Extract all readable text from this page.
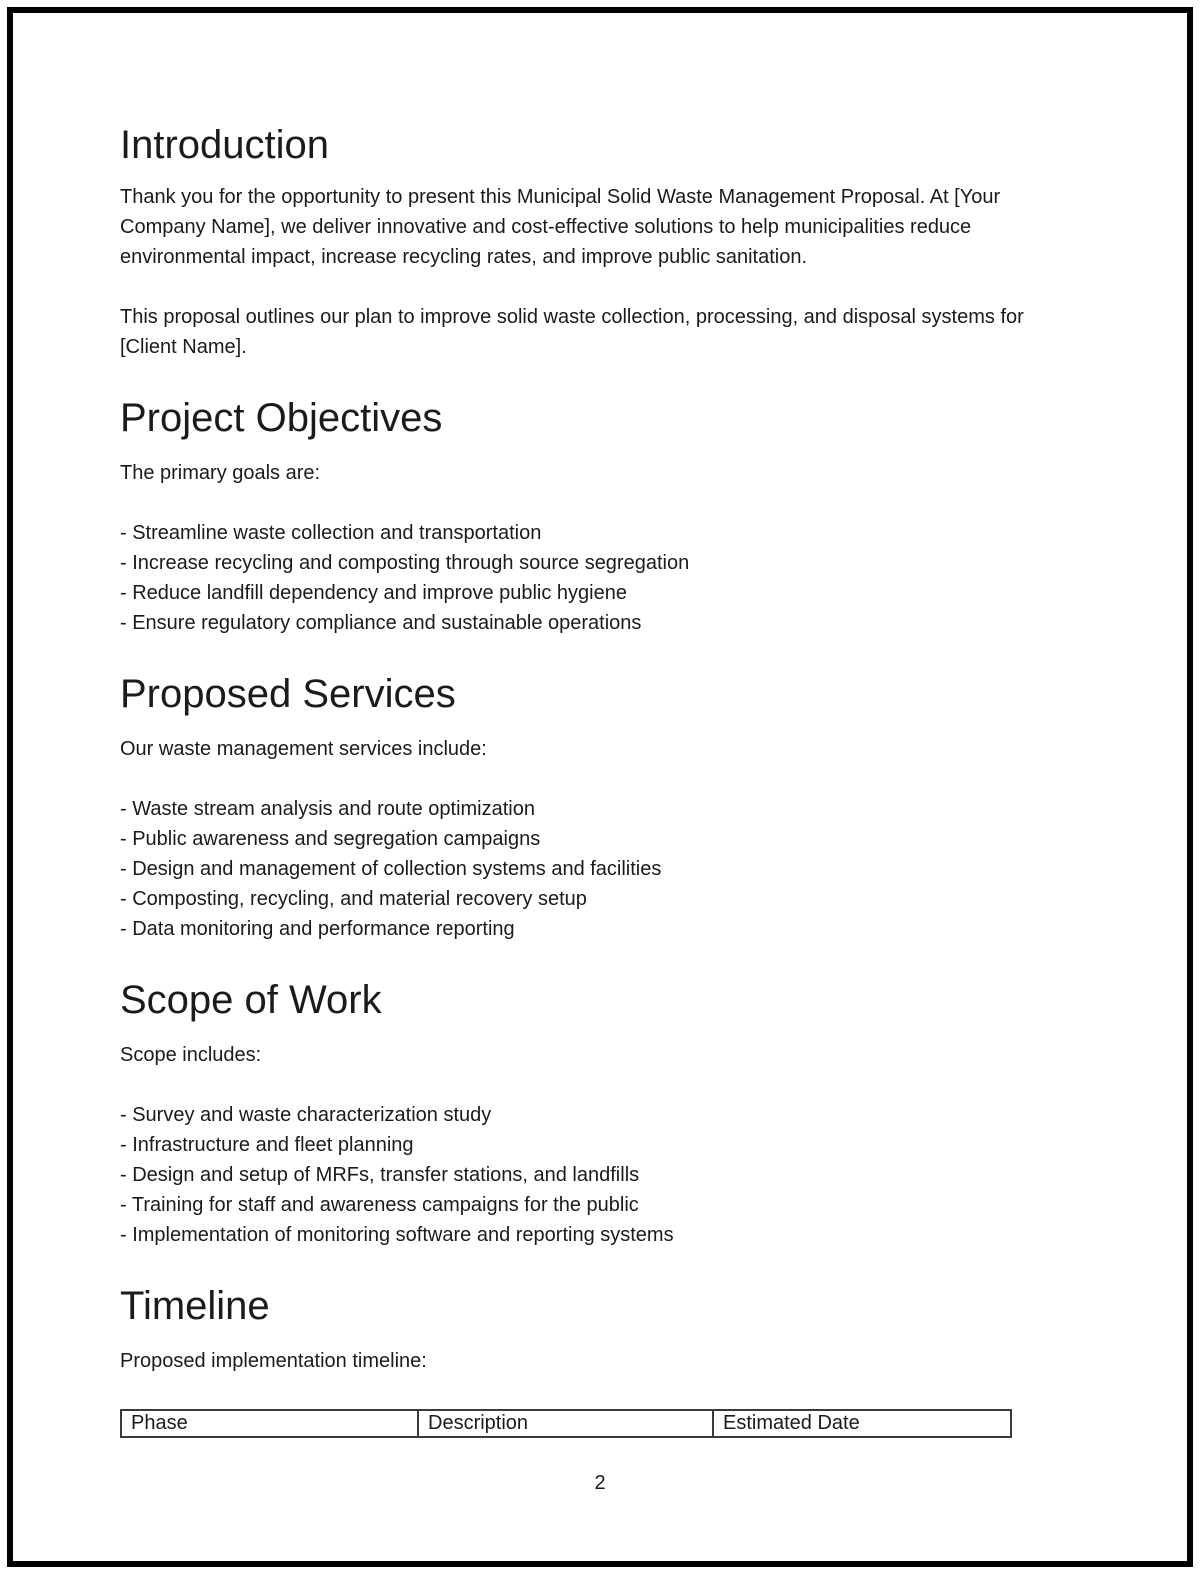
Introduction

Thank you for the opportunity to present this Municipal Solid Waste Management Proposal. At [Your Company Name], we deliver innovative and cost-effective solutions to help municipalities reduce environmental impact, increase recycling rates, and improve public sanitation.

This proposal outlines our plan to improve solid waste collection, processing, and disposal systems for [Client Name].

Project Objectives

The primary goals are:

- Streamline waste collection and transportation

- Increase recycling and composting through source segregation

- Reduce landfill dependency and improve public hygiene

- Ensure regulatory compliance and sustainable operations

Proposed Services

Our waste management services include:

- Waste stream analysis and route optimization

- Public awareness and segregation campaigns

- Design and management of collection systems and facilities

- Composting, recycling, and material recovery setup

- Data monitoring and performance reporting

Scope of Work

Scope includes:

- Survey and waste characterization study

- Infrastructure and fleet planning

- Design and setup of MRFs, transfer stations, and landfills

- Training for staff and awareness campaigns for the public

- Implementation of monitoring software and reporting systems

Timeline

Proposed implementation timeline:

Phase	Description	Estimated Date
2
